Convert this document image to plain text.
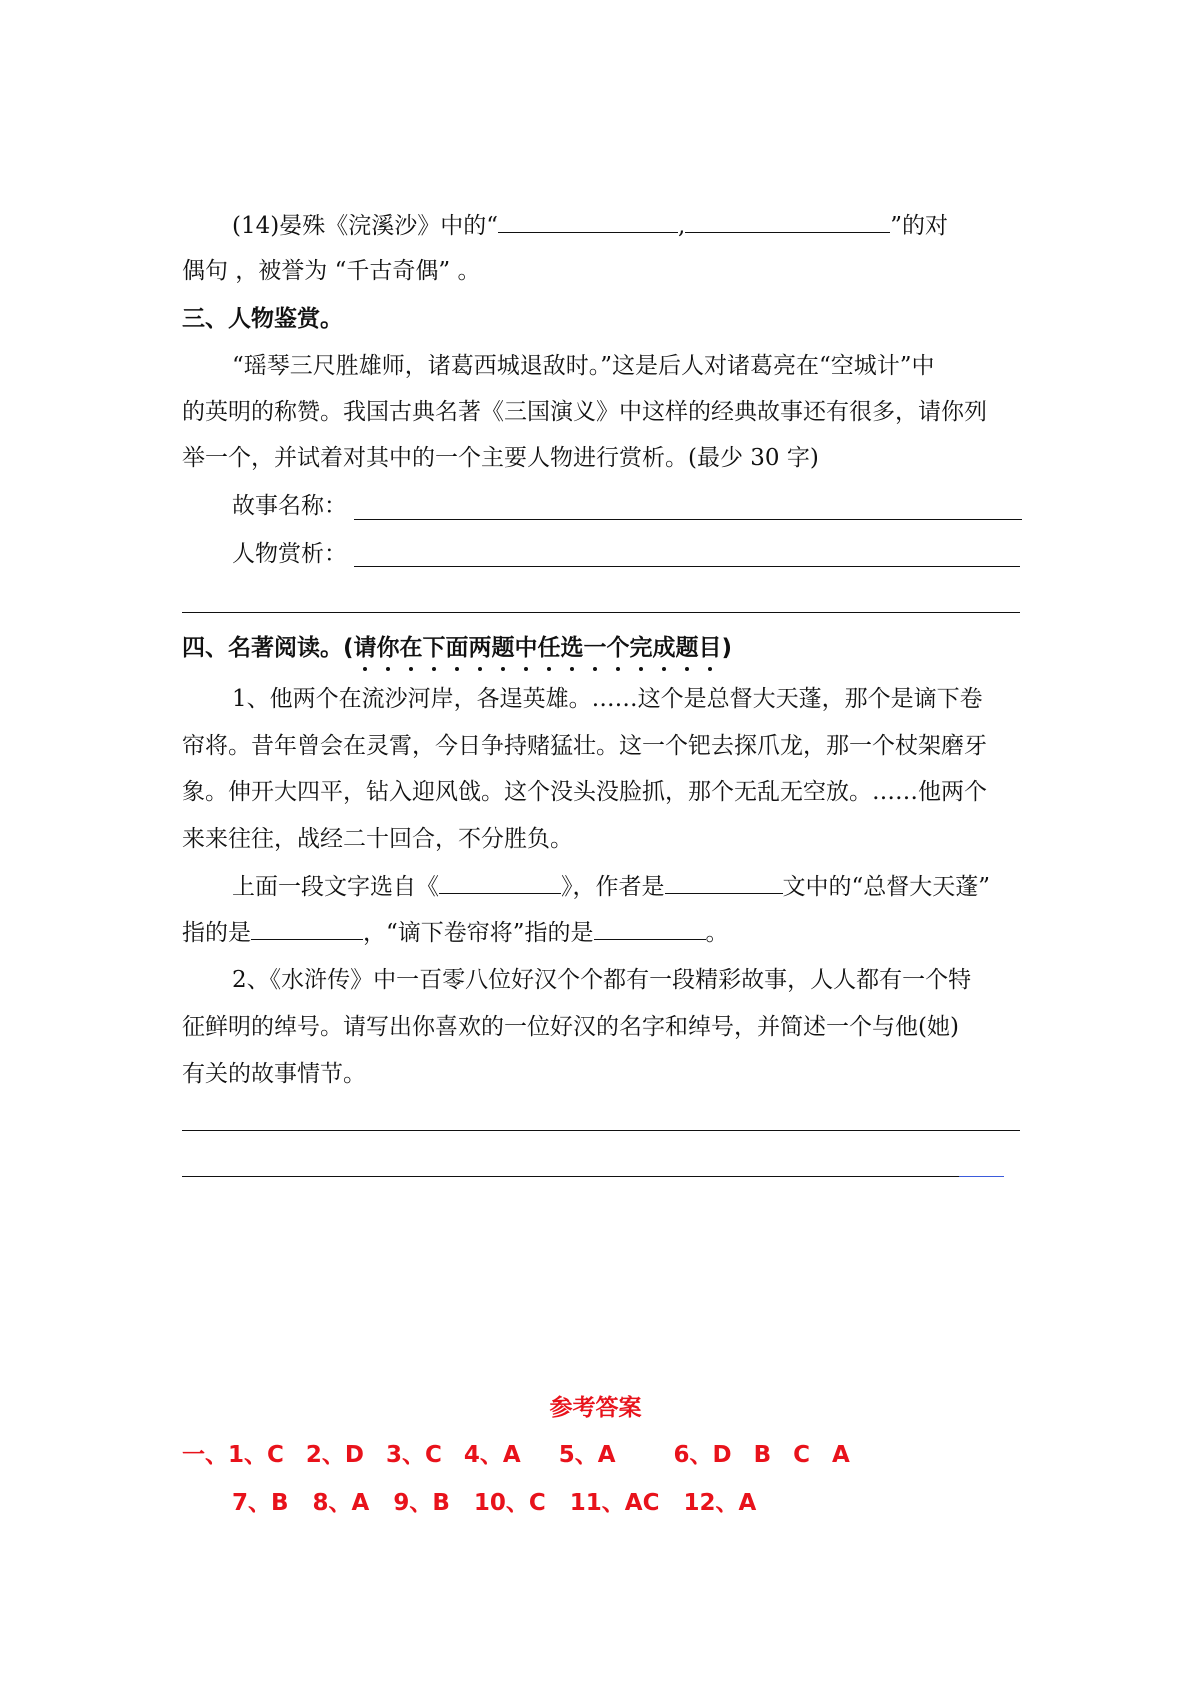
(14)晏殊《浣溪沙》中的“	,	”的对
偶句 ，被誉为 “千古奇偶” 。
三、人物鉴赏。
“瑶琴三尺胜雄师，诸葛西城退敌时。”这是后人对诸葛亮在“空城计”中
的英明的称赞。我国古典名著《三国演义》中这样的经典故事还有很多，请你列
举一个，并试着对其中的一个主要人物进行赏析。(最少 30 字)
故事名称：
人物赏析：
四、名著阅读。(请你在下面两题中任选一个完成题目)
1、他两个在流沙河岸，各逞英雄。……这个是总督大天蓬，那个是谪下卷
帘将。昔年曾会在灵霄，今日争持赌猛壮。这一个钯去探爪龙，那一个杖架磨牙
象。伸开大四平，钻入迎风戗。这个没头没脸抓，那个无乱无空放。……他两个
来来往往，战经二十回合，不分胜负。
上面一段文字选自《	》，作者是	文中的“总督大天蓬”
指的是	，“谪下卷帘将”指的是	。
2、《水浒传》中一百零八位好汉个个都有一段精彩故事，人人都有一个特
征鲜明的绰号。请写出你喜欢的一位好汉的名字和绰号，并简述一个与他(她)
有关的故事情节。
参考答案
一、1、C 2、D 3、C 4、A 5、A	6、D B C A
7、B 8、A 9、B 10、C 11、AC 12、A
